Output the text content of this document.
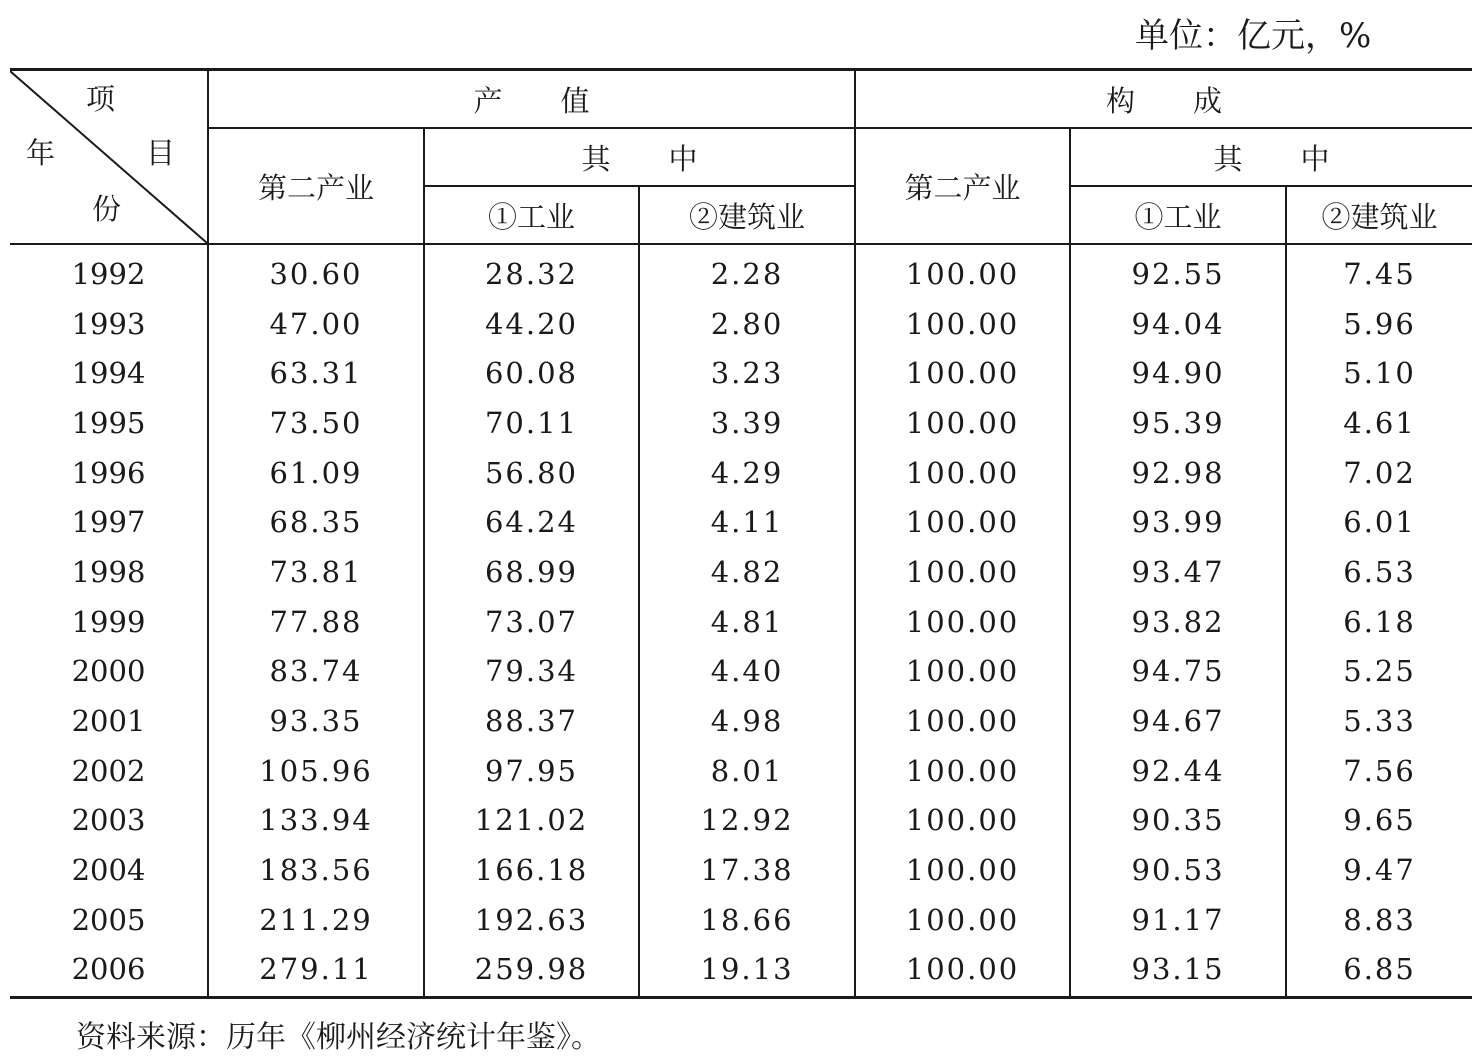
单位：亿元，%
项
目
年
份	产　　值			构　　成		
	第二产业	其　　中		第二产业	其　　中	
		①工业	②建筑业		①工业	②建筑业
1992	30.60	28.32	2.28	100.00	92.55	7.45
1993	47.00	44.20	2.80	100.00	94.04	5.96
1994	63.31	60.08	3.23	100.00	94.90	5.10
1995	73.50	70.11	3.39	100.00	95.39	4.61
1996	61.09	56.80	4.29	100.00	92.98	7.02
1997	68.35	64.24	4.11	100.00	93.99	6.01
1998	73.81	68.99	4.82	100.00	93.47	6.53
1999	77.88	73.07	4.81	100.00	93.82	6.18
2000	83.74	79.34	4.40	100.00	94.75	5.25
2001	93.35	88.37	4.98	100.00	94.67	5.33
2002	105.96	97.95	8.01	100.00	92.44	7.56
2003	133.94	121.02	12.92	100.00	90.35	9.65
2004	183.56	166.18	17.38	100.00	90.53	9.47
2005	211.29	192.63	18.66	100.00	91.17	8.83
2006	279.11	259.98	19.13	100.00	93.15	6.85
资料来源：历年《柳州经济统计年鉴》。
